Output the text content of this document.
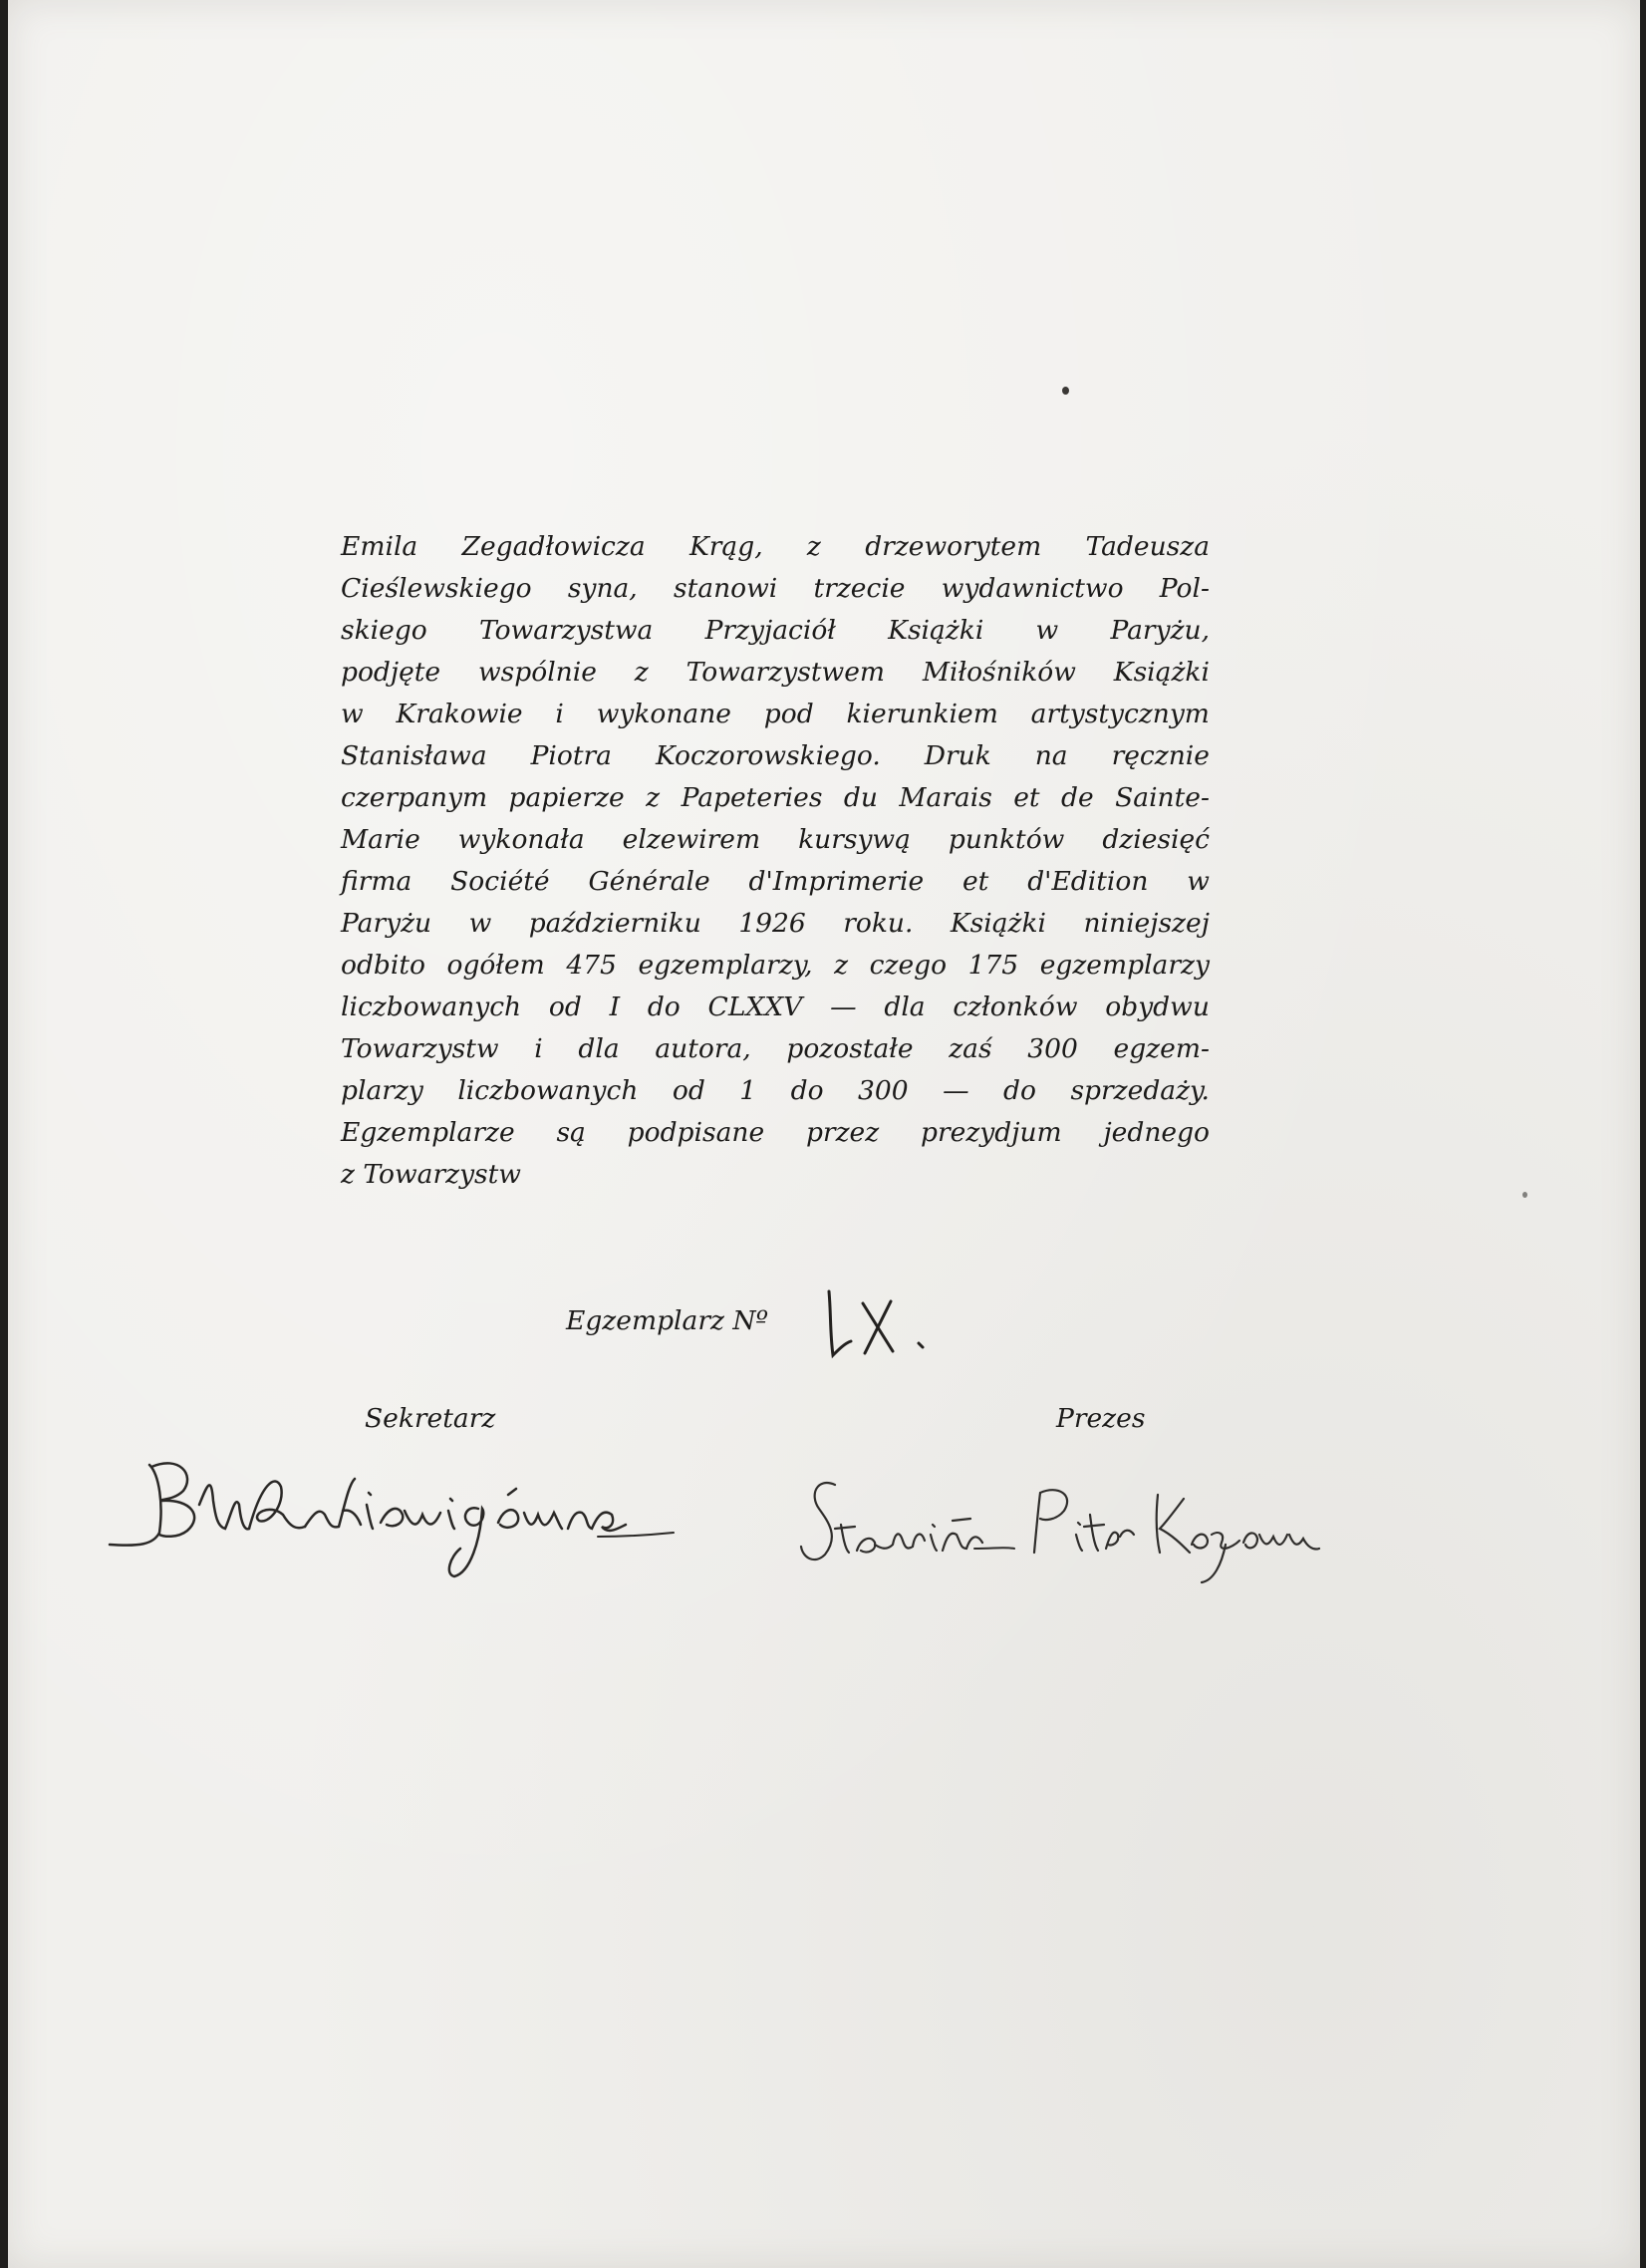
Emila Zegadłowicza Krąg, z drzeworytem Tadeusza
Cieślewskiego syna, stanowi trzecie wydawnictwo Pol-
skiego Towarzystwa Przyjaciół Książki w Paryżu,
podjęte wspólnie z Towarzystwem Miłośników Książki
w Krakowie i wykonane pod kierunkiem artystycznym
Stanisława Piotra Koczorowskiego. Druk na ręcznie
czerpanym papierze z Papeteries du Marais et de Sainte-
Marie wykonała elzewirem kursywą punktów dziesięć
firma Société Générale d'Imprimerie et d'Edition w
Paryżu w październiku 1926 roku. Książki niniejszej
odbito ogółem 475 egzemplarzy, z czego 175 egzemplarzy
liczbowanych od I do CLXXV — dla członków obydwu
Towarzystw i dla autora, pozostałe zaś 300 egzem-
plarzy liczbowanych od 1 do 300 — do sprzedaży.
Egzemplarze są podpisane przez prezydjum jednego
z Towarzystw
Egzemplarz Nº
Sekretarz	Prezes
